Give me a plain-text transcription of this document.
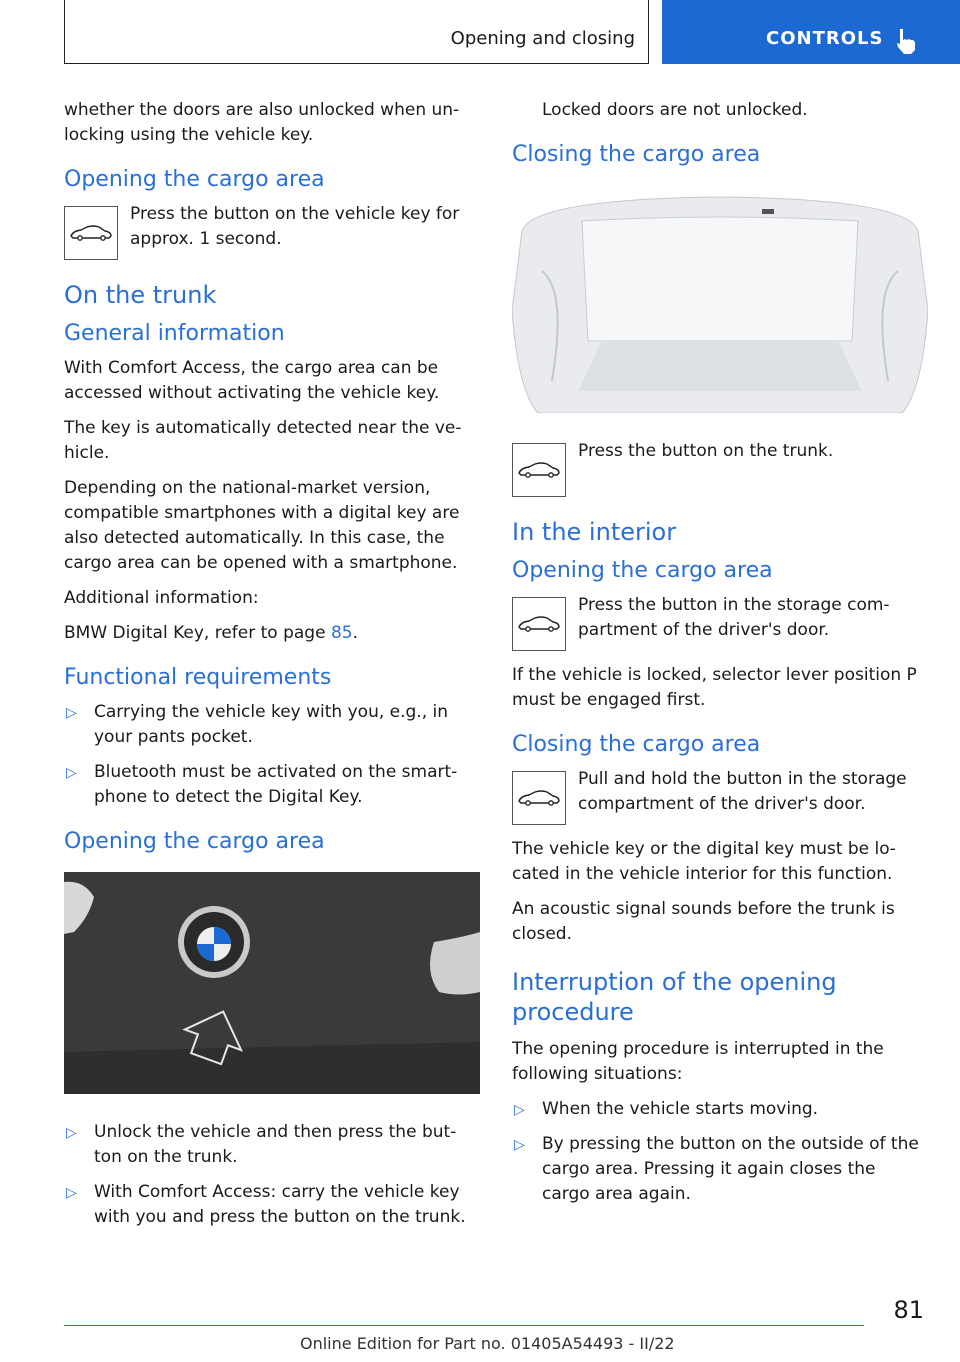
Opening and closing	CONTROLS

whether the doors are also unlocked when un‐locking using the vehicle key.

Opening the cargo area

Press the button on the vehicle key for approx. 1 second.

On the trunk
General information

With Comfort Access, the cargo area can be accessed without activating the vehicle key.

The key is automatically detected near the ve‐hicle.

Depending on the national-market version, compatible smartphones with a digital key are also detected automatically. In this case, the cargo area can be opened with a smartphone.

Additional information:

BMW Digital Key, refer to page 85.

Functional requirements
▷ Carrying the vehicle key with you, e.g., in your pants pocket.
▷ Bluetooth must be activated on the smart‐phone to detect the Digital Key.
Opening the cargo area
▷ Unlock the vehicle and then press the but‐ton on the trunk.
▷ With Comfort Access: carry the vehicle key with you and press the button on the trunk.

Locked doors are not unlocked.

Closing the cargo area

Press the button on the trunk.

In the interior
Opening the cargo area

Press the button in the storage com‐partment of the driver's door.

If the vehicle is locked, selector lever position P must be engaged first.

Closing the cargo area

Pull and hold the button in the storage compartment of the driver's door.

The vehicle key or the digital key must be lo‐cated in the vehicle interior for this function.

An acoustic signal sounds before the trunk is closed.

Interruption of the opening procedure

The opening procedure is interrupted in the following situations:

▷ When the vehicle starts moving.
▷ By pressing the button on the outside of the cargo area. Pressing it again closes the cargo area again.
81
Online Edition for Part no. 01405A54493 - II/22
